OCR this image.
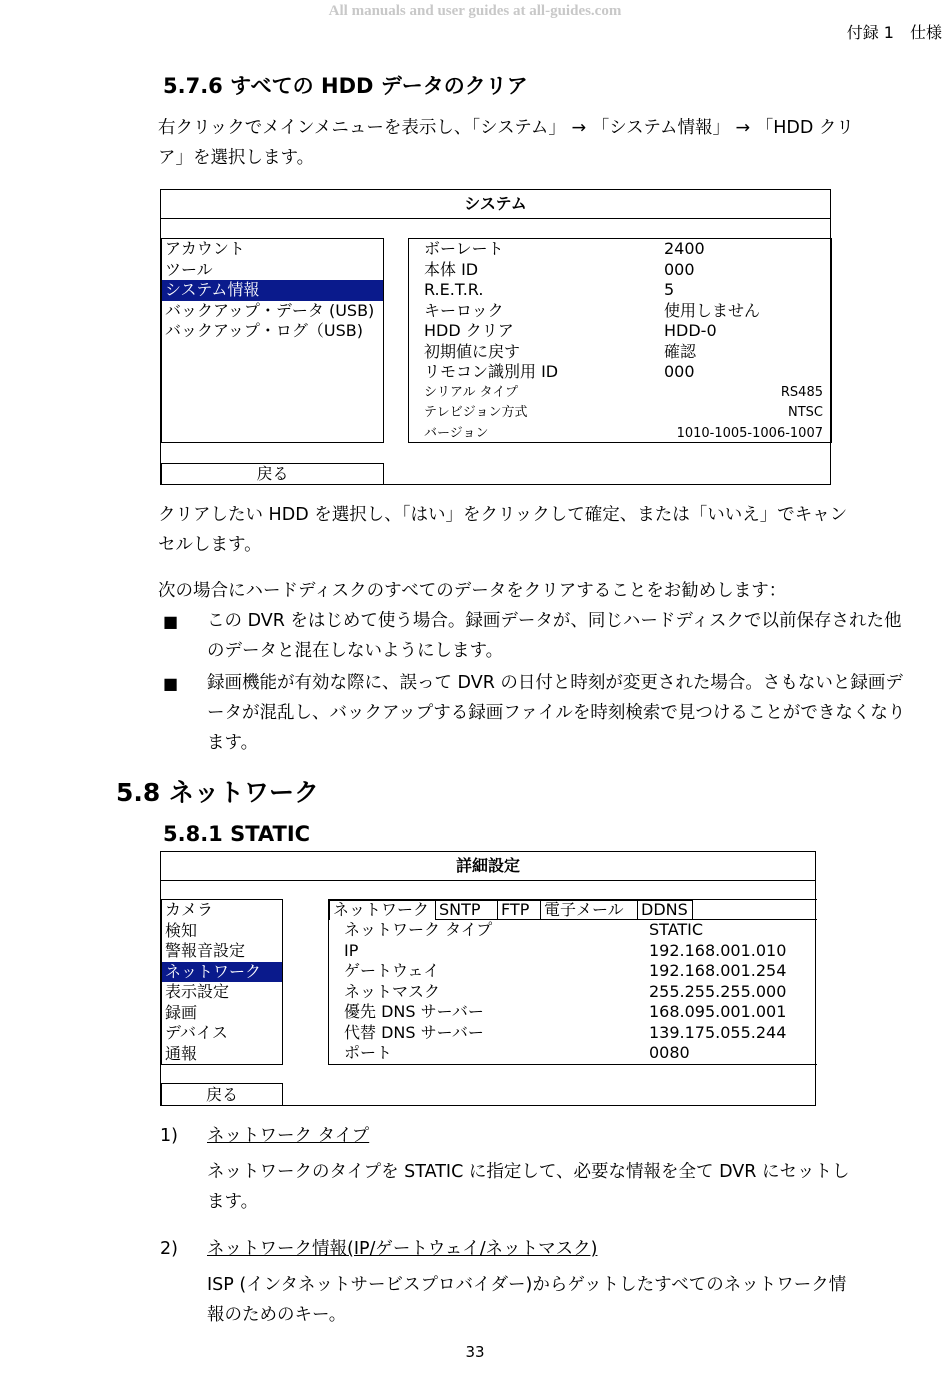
All manuals and user guides at all-guides.com
付録 1　仕様
5.7.6 すべての HDD データのクリア
右クリックでメインメニューを表示し、「システム」 → 「システム情報」 → 「HDD クリ
ア」を選択します。
システム
アカウント
ツール
システム情報
バックアップ・データ (USB)
バックアップ・ログ（USB)
ボーレート	2400
本体 ID	000
R.E.T.R.	5
キーロック	使用しません
HDD クリア	HDD-0
初期値に戻す	確認
リモコン識別用 ID	000
シリアル タイプ	RS485
テレビジョン方式	NTSC
バージョン	1010-1005-1006-1007
戻る
クリアしたい HDD を選択し、「はい」をクリックして確定、または「いいえ」でキャン
セルします。
次の場合にハードディスクのすべてのデータをクリアすることをお勧めします：
■ この DVR をはじめて使う場合。録画データが、同じハードディスクで以前保存された他
のデータと混在しないようにします。
■ 録画機能が有効な際に、誤って DVR の日付と時刻が変更された場合。さもないと録画デ
ータが混乱し、バックアップする録画ファイルを時刻検索で見つけることができなくなり
ます。
5.8 ネットワーク
5.8.1 STATIC
詳細設定
カメラ
検知
警報音設定
ネットワーク
表示設定
録画
デバイス
通報
ネットワーク SNTP	FTP 電子メール	DDNS
ネットワーク タイプ	STATIC
IP	192.168.001.010
ゲートウェイ	192.168.001.254
ネットマスク	255.255.255.000
優先 DNS サーバー	168.095.001.001
代替 DNS サーバー	139.175.055.244
ポート	0080
戻る
1) ネットワーク タイプ
ネットワークのタイプを STATIC に指定して、必要な情報を全て DVR にセットし
ます。
2) ネットワーク情報(IP/ゲートウェイ/ネットマスク)
ISP (インタネットサービスプロバイダー)からゲットしたすべてのネットワーク情
報のためのキー。
33
